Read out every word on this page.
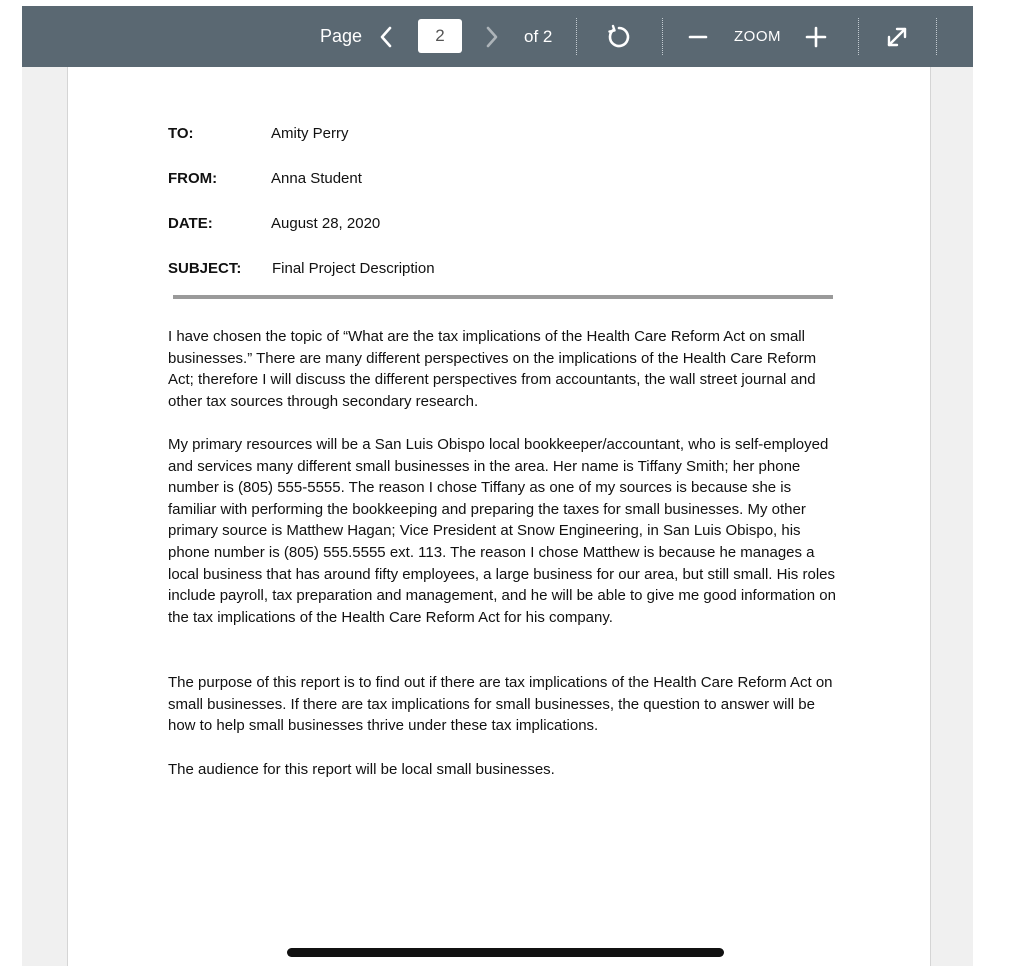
Page
2	of 2	ZOOM
TO:	Amity Perry
FROM:	Anna Student
DATE:	August 28, 2020
SUBJECT: Final Project Description

I have chosen the topic of “What are the tax implications of the Health Care Reform Act on small businesses.” There are many different perspectives on the implications of the Health Care Reform Act; therefore I will discuss the different perspectives from accountants, the wall street journal and other tax sources through secondary research.

My primary resources will be a San Luis Obispo local bookkeeper/accountant, who is self-employed and services many different small businesses in the area. Her name is Tiffany Smith; her phone number is (805) 555-5555. The reason I chose Tiffany as one of my sources is because she is familiar with performing the bookkeeping and preparing the taxes for small businesses. My other primary source is Matthew Hagan; Vice President at Snow Engineering, in San Luis Obispo, his phone number is (805) 555.5555 ext. 113. The reason I chose Matthew is because he manages a local business that has around fifty employees, a large business for our area, but still small. His roles include payroll, tax preparation and management, and he will be able to give me good information on the tax implications of the Health Care Reform Act for his company.

The purpose of this report is to find out if there are tax implications of the Health Care Reform Act on small businesses. If there are tax implications for small businesses, the question to answer will be how to help small businesses thrive under these tax implications.

The audience for this report will be local small businesses.
